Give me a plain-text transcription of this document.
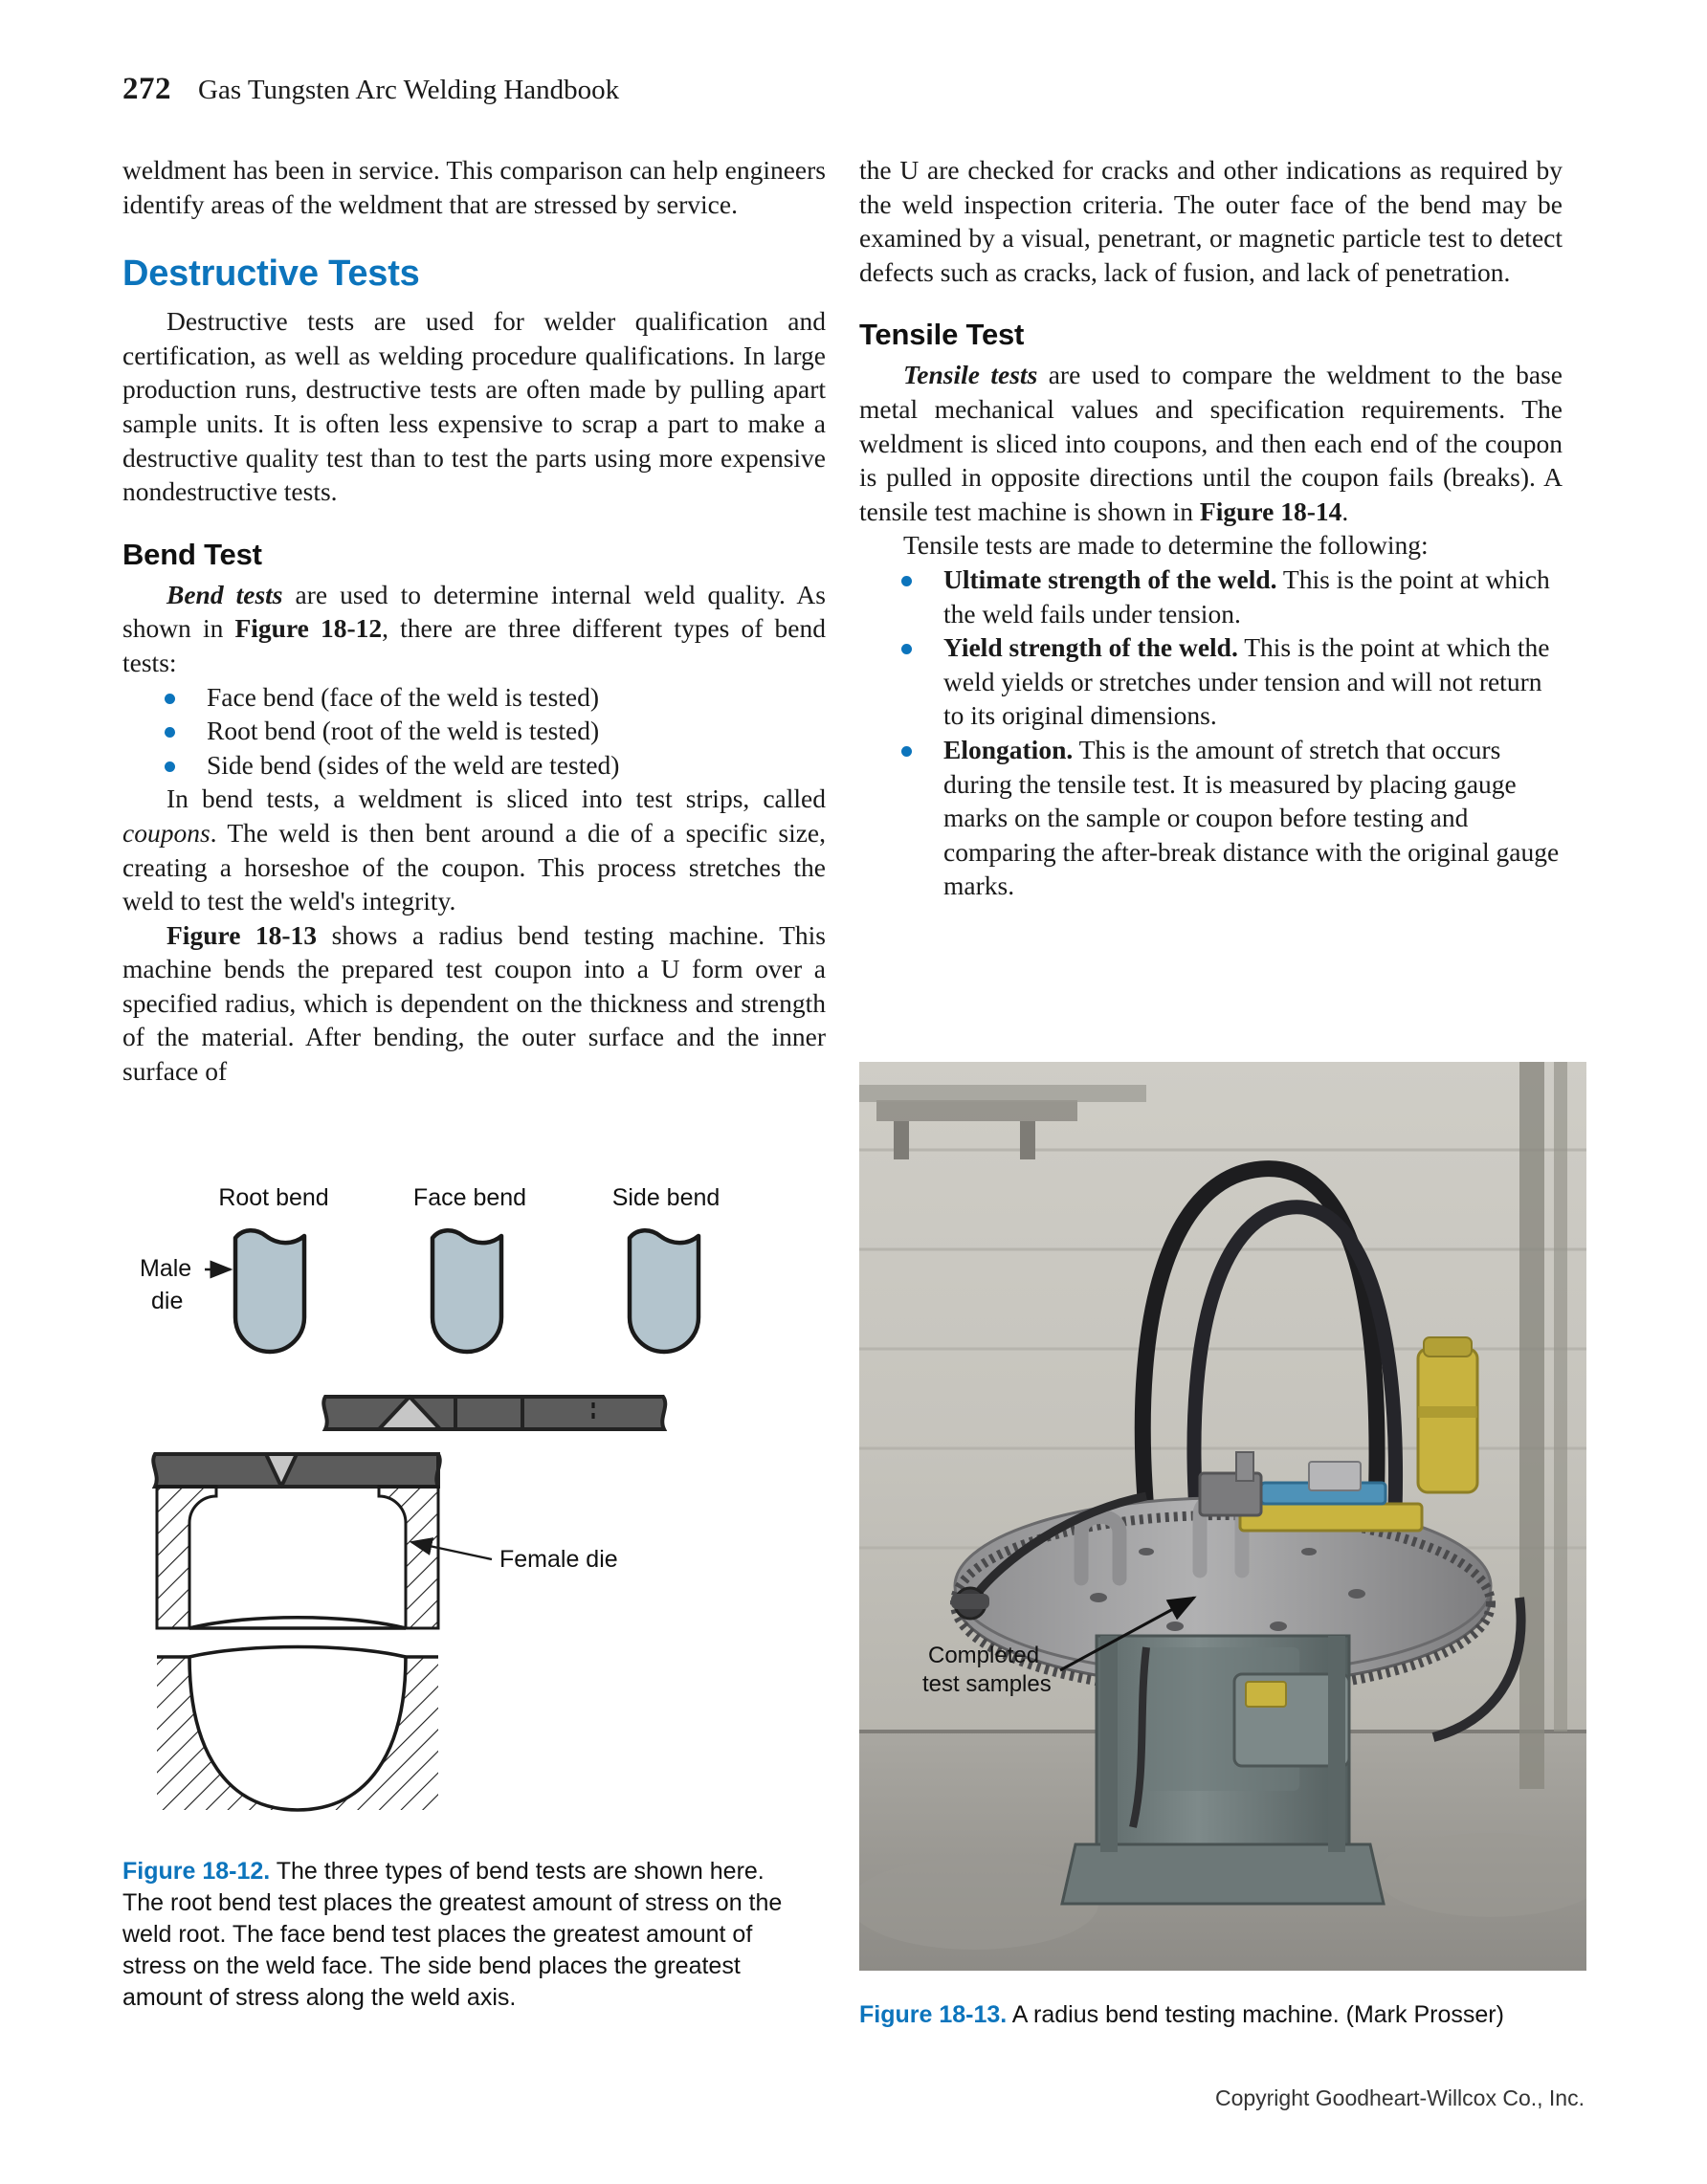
272 Gas Tungsten Arc Welding Handbook

weldment has been in service. This comparison can help engineers identify areas of the weldment that are stressed by service.

Destructive Tests

Destructive tests are used for welder qualification and certification, as well as welding procedure qualifications. In large production runs, destructive tests are often made by pulling apart sample units. It is often less expensive to scrap a part to make a destructive quality test than to test the parts using more expensive nondestructive tests.

Bend Test

Bend tests are used to determine internal weld quality. As shown in Figure 18-12, there are three different types of bend tests:

Face bend (face of the weld is tested)
Root bend (root of the weld is tested)
Side bend (sides of the weld are tested)

In bend tests, a weldment is sliced into test strips, called coupons. The weld is then bent around a die of a specific size, creating a horseshoe of the coupon. This process stretches the weld to test the weld's integrity.

Figure 18-13 shows a radius bend testing machine. This machine bends the prepared test coupon into a U form over a specified radius, which is dependent on the thickness and strength of the material. After bending, the outer surface and the inner surface of

the U are checked for cracks and other indications as required by the weld inspection criteria. The outer face of the bend may be examined by a visual, penetrant, or magnetic particle test to detect defects such as cracks, lack of fusion, and lack of penetration.

Tensile Test

Tensile tests are used to compare the weldment to the base metal mechanical values and specification requirements. The weldment is sliced into coupons, and then each end of the coupon is pulled in opposite directions until the coupon fails (breaks). A tensile test machine is shown in Figure 18-14.

Tensile tests are made to determine the following:

Ultimate strength of the weld. This is the point at which the weld fails under tension.
Yield strength of the weld. This is the point at which the weld yields or stretches under tension and will not return to its original dimensions.
Elongation. This is the amount of stretch that occurs during the tensile test. It is measured by placing gauge marks on the sample or coupon before testing and comparing the after-break distance with the original gauge marks.
Root bend	Face bend	Side bend
Male
die
Female die
Figure 18-12. The three types of bend tests are shown here. The root bend test places the greatest amount of stress on the weld root. The face bend test places the greatest amount of stress on the weld face. The side bend places the greatest amount of stress along the weld axis.
Completed
test samples
Figure 18-13. A radius bend testing machine. (Mark Prosser)
Copyright Goodheart-Willcox Co., Inc.
